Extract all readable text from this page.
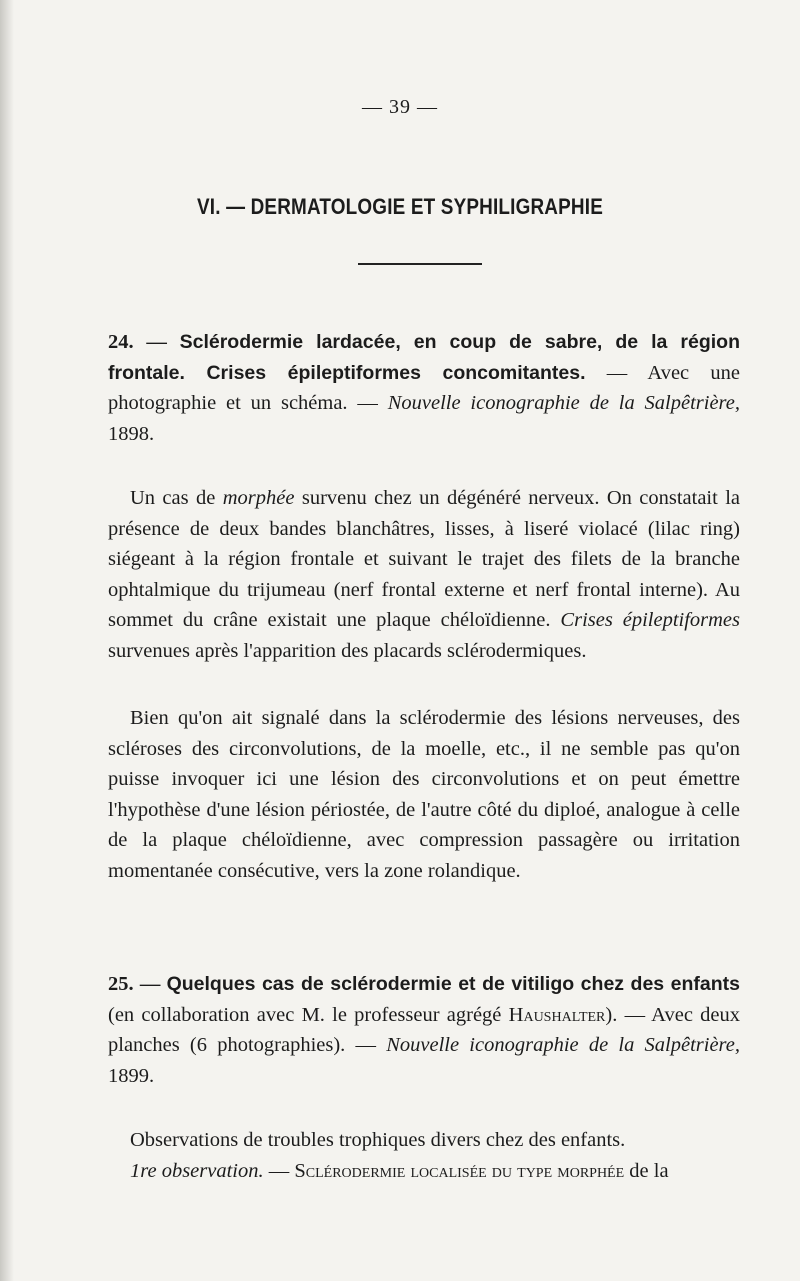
— 39 —
VI. — DERMATOLOGIE ET SYPHILIGRAPHIE
24. — Sclérodermie lardacée, en coup de sabre, de la région frontale. Crises épileptiformes concomitantes. — Avec une photographie et un schéma. — Nouvelle iconographie de la Salpêtrière, 1898.
Un cas de morphée survenu chez un dégénéré nerveux. On constatait la présence de deux bandes blanchâtres, lisses, à liseré violacé (lilac ring) siégeant à la région frontale et suivant le trajet des filets de la branche ophtalmique du trijumeau (nerf frontal externe et nerf frontal interne). Au sommet du crâne existait une plaque chéloïdienne. Crises épileptiformes survenues après l'apparition des placards sclérodermiques.
Bien qu'on ait signalé dans la sclérodermie des lésions nerveuses, des scléroses des circonvolutions, de la moelle, etc., il ne semble pas qu'on puisse invoquer ici une lésion des circonvolutions et on peut émettre l'hypothèse d'une lésion périostée, de l'autre côté du diploé, analogue à celle de la plaque chéloïdienne, avec compression passagère ou irritation momentanée consécutive, vers la zone rolandique.
25. — Quelques cas de sclérodermie et de vitiligo chez des enfants (en collaboration avec M. le professeur agrégé Haushalter). — Avec deux planches (6 photographies). — Nouvelle iconographie de la Salpêtrière, 1899.
Observations de troubles trophiques divers chez des enfants.
1re observation. — Sclérodermie localisée du type morphée de la
